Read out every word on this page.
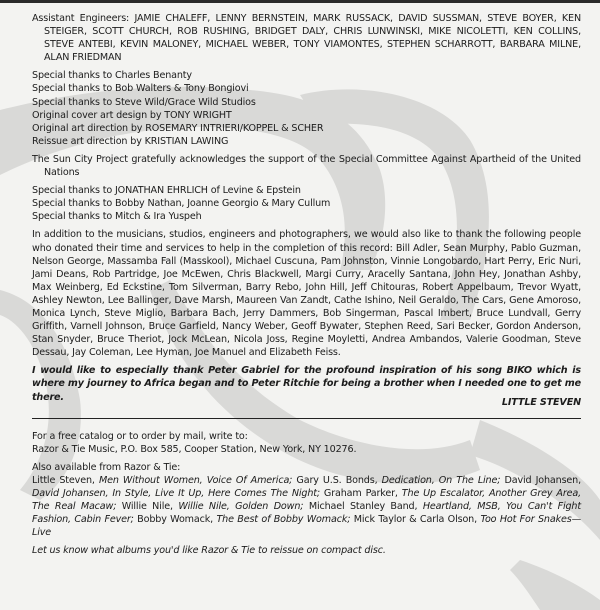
Assistant Engineers: JAMIE CHALEFF, LENNY BERNSTEIN, MARK RUSSACK, DAVID SUSSMAN, STEVE BOYER, KEN STEIGER, SCOTT CHURCH, ROB RUSHING, BRIDGET DALY, CHRIS LUNWINSKI, MIKE NICOLETTI, KEN COLLINS, STEVE ANTEBI, KEVIN MALONEY, MICHAEL WEBER, TONY VIAMONTES, STEPHEN SCHARROTT, BARBARA MILNE, ALAN FRIEDMAN

Special thanks to Charles Benanty
Special thanks to Bob Walters & Tony Bongiovi
Special thanks to Steve Wild/Grace Wild Studios
Original cover art design by TONY WRIGHT
Original art direction by ROSEMARY INTRIERI/KOPPEL & SCHER
Reissue art direction by KRISTIAN LAWING

The Sun City Project gratefully acknowledges the support of the Special Committee Against Apartheid of the United Nations

Special thanks to JONATHAN EHRLICH of Levine & Epstein
Special thanks to Bobby Nathan, Joanne Georgio & Mary Cullum
Special thanks to Mitch & Ira Yuspeh

In addition to the musicians, studios, engineers and photographers, we would also like to thank the following people who donated their time and services to help in the completion of this record: Bill Adler, Sean Murphy, Pablo Guzman, Nelson George, Massamba Fall (Masskool), Michael Cuscuna, Pam Johnston, Vinnie Longobardo, Hart Perry, Eric Nuri, Jami Deans, Rob Partridge, Joe McEwen, Chris Blackwell, Margi Curry, Aracelly Santana, John Hey, Jonathan Ashby, Max Weinberg, Ed Eckstine, Tom Silverman, Barry Rebo, John Hill, Jeff Chitouras, Robert Appelbaum, Trevor Wyatt, Ashley Newton, Lee Ballinger, Dave Marsh, Maureen Van Zandt, Cathe Ishino, Neil Geraldo, The Cars, Gene Amoroso, Monica Lynch, Steve Miglio, Barbara Bach, Jerry Dammers, Bob Singerman, Pascal Imbert, Bruce Lundvall, Gerry Griffith, Varnell Johnson, Bruce Garfield, Nancy Weber, Geoff Bywater, Stephen Reed, Sari Becker, Gordon Anderson, Stan Snyder, Bruce Theriot, Jock McLean, Nicola Joss, Regine Moyletti, Andrea Ambandos, Valerie Goodman, Steve Dessau, Jay Coleman, Lee Hyman, Joe Manuel and Elizabeth Feiss.

I would like to especially thank Peter Gabriel for the profound inspiration of his song BIKO which is where my journey to Africa began and to Peter Ritchie for being a brother when I needed one to get me there.	LITTLE STEVEN

For a free catalog or to order by mail, write to:
Razor & Tie Music, P.O. Box 585, Cooper Station, New York, NY 10276.

Also available from Razor & Tie:
Little Steven, Men Without Women, Voice Of America; Gary U.S. Bonds, Dedication, On The Line; David Johansen, David Johansen, In Style, Live It Up, Here Comes The Night; Graham Parker, The Up Escalator, Another Grey Area, The Real Macaw; Willie Nile, Willie Nile, Golden Down; Michael Stanley Band, Heartland, MSB, You Can't Fight Fashion, Cabin Fever; Bobby Womack, The Best of Bobby Womack; Mick Taylor & Carla Olson, Too Hot For Snakes—Live

Let us know what albums you'd like Razor & Tie to reissue on compact disc.
